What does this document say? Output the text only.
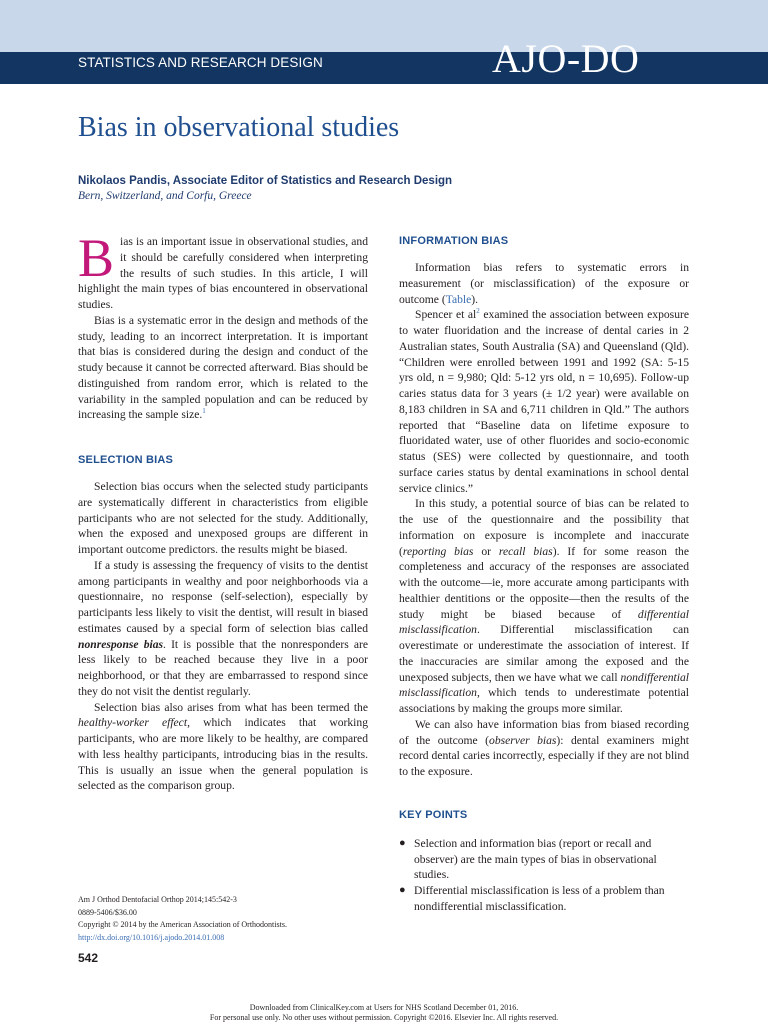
STATISTICS AND RESEARCH DESIGN	AJO-DO
Bias in observational studies
Nikolaos Pandis, Associate Editor of Statistics and Research Design
Bern, Switzerland, and Corfu, Greece

Bias is an important issue in observational studies, and it should be carefully considered when interpreting the results of such studies. In this article, I will highlight the main types of bias encountered in observational studies.

Bias is a systematic error in the design and methods of the study, leading to an incorrect interpretation. It is important that bias is considered during the design and conduct of the study because it cannot be corrected afterward. Bias should be distinguished from random error, which is related to the variability in the sampled population and can be reduced by increasing the sample size.$^1$

SELECTION BIAS

Selection bias occurs when the selected study participants are systematically different in characteristics from eligible participants who are not selected for the study. Additionally, when the exposed and unexposed groups are different in important outcome predictors. the results might be biased.

If a study is assessing the frequency of visits to the dentist among participants in wealthy and poor neighborhoods via a questionnaire, no response (self-selection), especially by participants less likely to visit the dentist, will result in biased estimates caused by a special form of selection bias called nonresponse bias. It is possible that the nonresponders are less likely to be reached because they live in a poor neighborhood, or that they are embarrassed to respond since they do not visit the dentist regularly.

Selection bias also arises from what has been termed the healthy-worker effect, which indicates that working participants, who are more likely to be healthy, are compared with less healthy participants, introducing bias in the results. This is usually an issue when the general population is selected as the comparison group.

INFORMATION BIAS

Information bias refers to systematic errors in measurement (or misclassification) of the exposure or outcome (Table).

Spencer et $al^2$ examined the association between exposure to water fluoridation and the increase of dental caries in 2 Australian states, South Australia (SA) and Queensland (Qld). “Children were enrolled between 1991 and 1992 (SA: 5-15 yrs old, n = 9,980; Qld: 5-12 yrs old, n = 10,695). Follow-up caries status data for 3 years (± 1/2 year) were available on 8,183 children in SA and 6,711 children in Qld.” The authors reported that “Baseline data on lifetime exposure to fluoridated water, use of other fluorides and socio-economic status (SES) were collected by questionnaire, and tooth surface caries status by dental examinations in school dental service clinics.”

In this study, a potential source of bias can be related to the use of the questionnaire and the possibility that information on exposure is incomplete and inaccurate (reporting bias or recall bias). If for some reason the completeness and accuracy of the responses are associated with the outcome—ie, more accurate among participants with healthier dentitions or the opposite—then the results of the study might be biased because of differential misclassification. Differential misclassification can overestimate or underestimate the association of interest. If the inaccuracies are similar among the exposed and the unexposed subjects, then we have what we call nondifferential misclassification, which tends to underestimate potential associations by making the groups more similar.

We can also have information bias from biased recording of the outcome (observer bias): dental examiners might record dental caries incorrectly, especially if they are not blind to the exposure.

KEY POINTS
● Selection and information bias (report or recall and observer) are the main types of bias in observational studies.
● Differential misclassification is less of a problem than nondifferential misclassification.
Am J Orthod Dentofacial Orthop 2014;145:542-3
0889-5406/$36.00
Copyright © 2014 by the American Association of Orthodontists.
http://dx.doi.org/10.1016/j.ajodo.2014.01.008
542
Downloaded from ClinicalKey.com at Users for NHS Scotland December 01, 2016.
For personal use only. No other uses without permission. Copyright ©2016. Elsevier Inc. All rights reserved.
